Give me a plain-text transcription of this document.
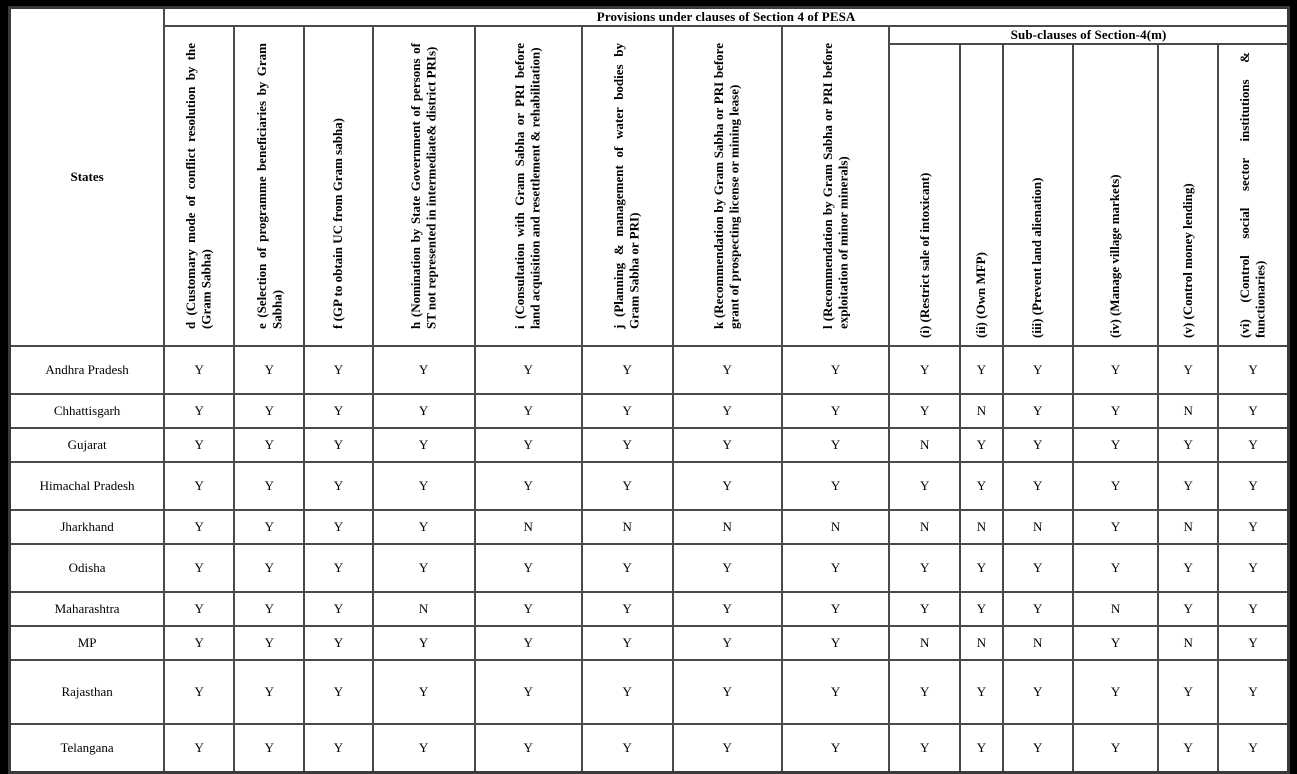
States	Provisions under clauses of Section 4 of PESA													

	d (Customary mode of conflict resolution by the (Gram Sabha)	e (Selection of programme beneficiaries by Gram Sabha)	f (GP to obtain UC from Gram sabha)	h (Nomination by State Government of persons of ST not represented in intermediate& district PRIs)	i (Consultation with Gram Sabha or PRI before land acquisition and resettlement & rehabilitation)	j (Planning & management of water bodies by Gram Sabha or PRI)	k (Recommendation by Gram Sabha or PRI before grant of prospecting license or mining lease)	l (Recommendation by Gram Sabha or PRI before exploitation of minor minerals)	Sub-clauses of Section-4(m)					

									(i) (Restrict sale of intoxicant)	(ii) (Own MFP)	(iii) (Prevent land alienation)	(iv) (Manage village markets)	(v) (Control money lending)	(vi) (Control social sector institutions & functionaries)

Andhra Pradesh	Y	Y	Y	Y	Y	Y	Y	Y	Y	Y	Y	Y	Y	Y
Chhattisgarh	Y	Y	Y	Y	Y	Y	Y	Y	Y	N	Y	Y	N	Y
Gujarat	Y	Y	Y	Y	Y	Y	Y	Y	N	Y	Y	Y	Y	Y
Himachal Pradesh	Y	Y	Y	Y	Y	Y	Y	Y	Y	Y	Y	Y	Y	Y
Jharkhand	Y	Y	Y	Y	N	N	N	N	N	N	N	Y	N	Y
Odisha	Y	Y	Y	Y	Y	Y	Y	Y	Y	Y	Y	Y	Y	Y
Maharashtra	Y	Y	Y	N	Y	Y	Y	Y	Y	Y	Y	N	Y	Y
MP	Y	Y	Y	Y	Y	Y	Y	Y	N	N	N	Y	N	Y
Rajasthan	Y	Y	Y	Y	Y	Y	Y	Y	Y	Y	Y	Y	Y	Y
Telangana	Y	Y	Y	Y	Y	Y	Y	Y	Y	Y	Y	Y	Y	Y
